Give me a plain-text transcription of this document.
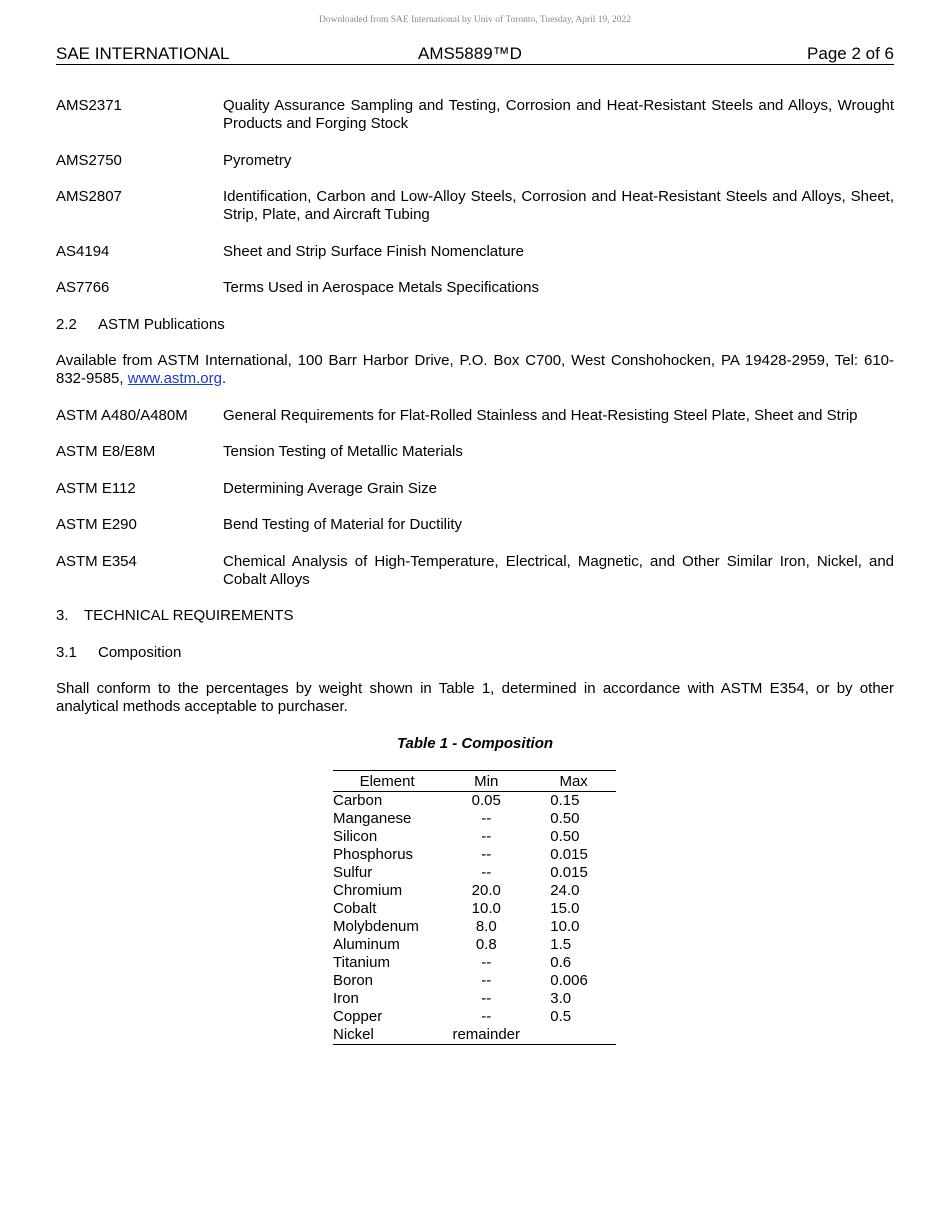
Downloaded from SAE International by Univ of Toronto, Tuesday, April 19, 2022
SAE INTERNATIONAL	AMS5889™D	Page 2 of 6
AMS2371	Quality Assurance Sampling and Testing, Corrosion and Heat-Resistant Steels and Alloys, Wrought Products and Forging Stock
AMS2750	Pyrometry
AMS2807	Identification, Carbon and Low-Alloy Steels, Corrosion and Heat-Resistant Steels and Alloys, Sheet, Strip, Plate, and Aircraft Tubing
AS4194	Sheet and Strip Surface Finish Nomenclature
AS7766	Terms Used in Aerospace Metals Specifications
2.2 ASTM Publications
Available from ASTM International, 100 Barr Harbor Drive, P.O. Box C700, West Conshohocken, PA 19428-2959, Tel: 610-832-9585, www.astm.org.
ASTM A480/A480M	General Requirements for Flat-Rolled Stainless and Heat-Resisting Steel Plate, Sheet and Strip
ASTM E8/E8M	Tension Testing of Metallic Materials
ASTM E112	Determining Average Grain Size
ASTM E290	Bend Testing of Material for Ductility
ASTM E354	Chemical Analysis of High-Temperature, Electrical, Magnetic, and Other Similar Iron, Nickel, and Cobalt Alloys
3. TECHNICAL REQUIREMENTS
3.1 Composition
Shall conform to the percentages by weight shown in Table 1, determined in accordance with ASTM E354, or by other analytical methods acceptable to purchaser.
Table 1 - Composition
Element	Min	Max
Carbon	0.05	0.15
Manganese	--	0.50
Silicon	--	0.50
Phosphorus	--	0.015
Sulfur	--	0.015
Chromium	20.0	24.0
Cobalt	10.0	15.0
Molybdenum	8.0	10.0
Aluminum	0.8	1.5
Titanium	--	0.6
Boron	--	0.006
Iron	--	3.0
Copper	--	0.5
Nickel	remainder	
